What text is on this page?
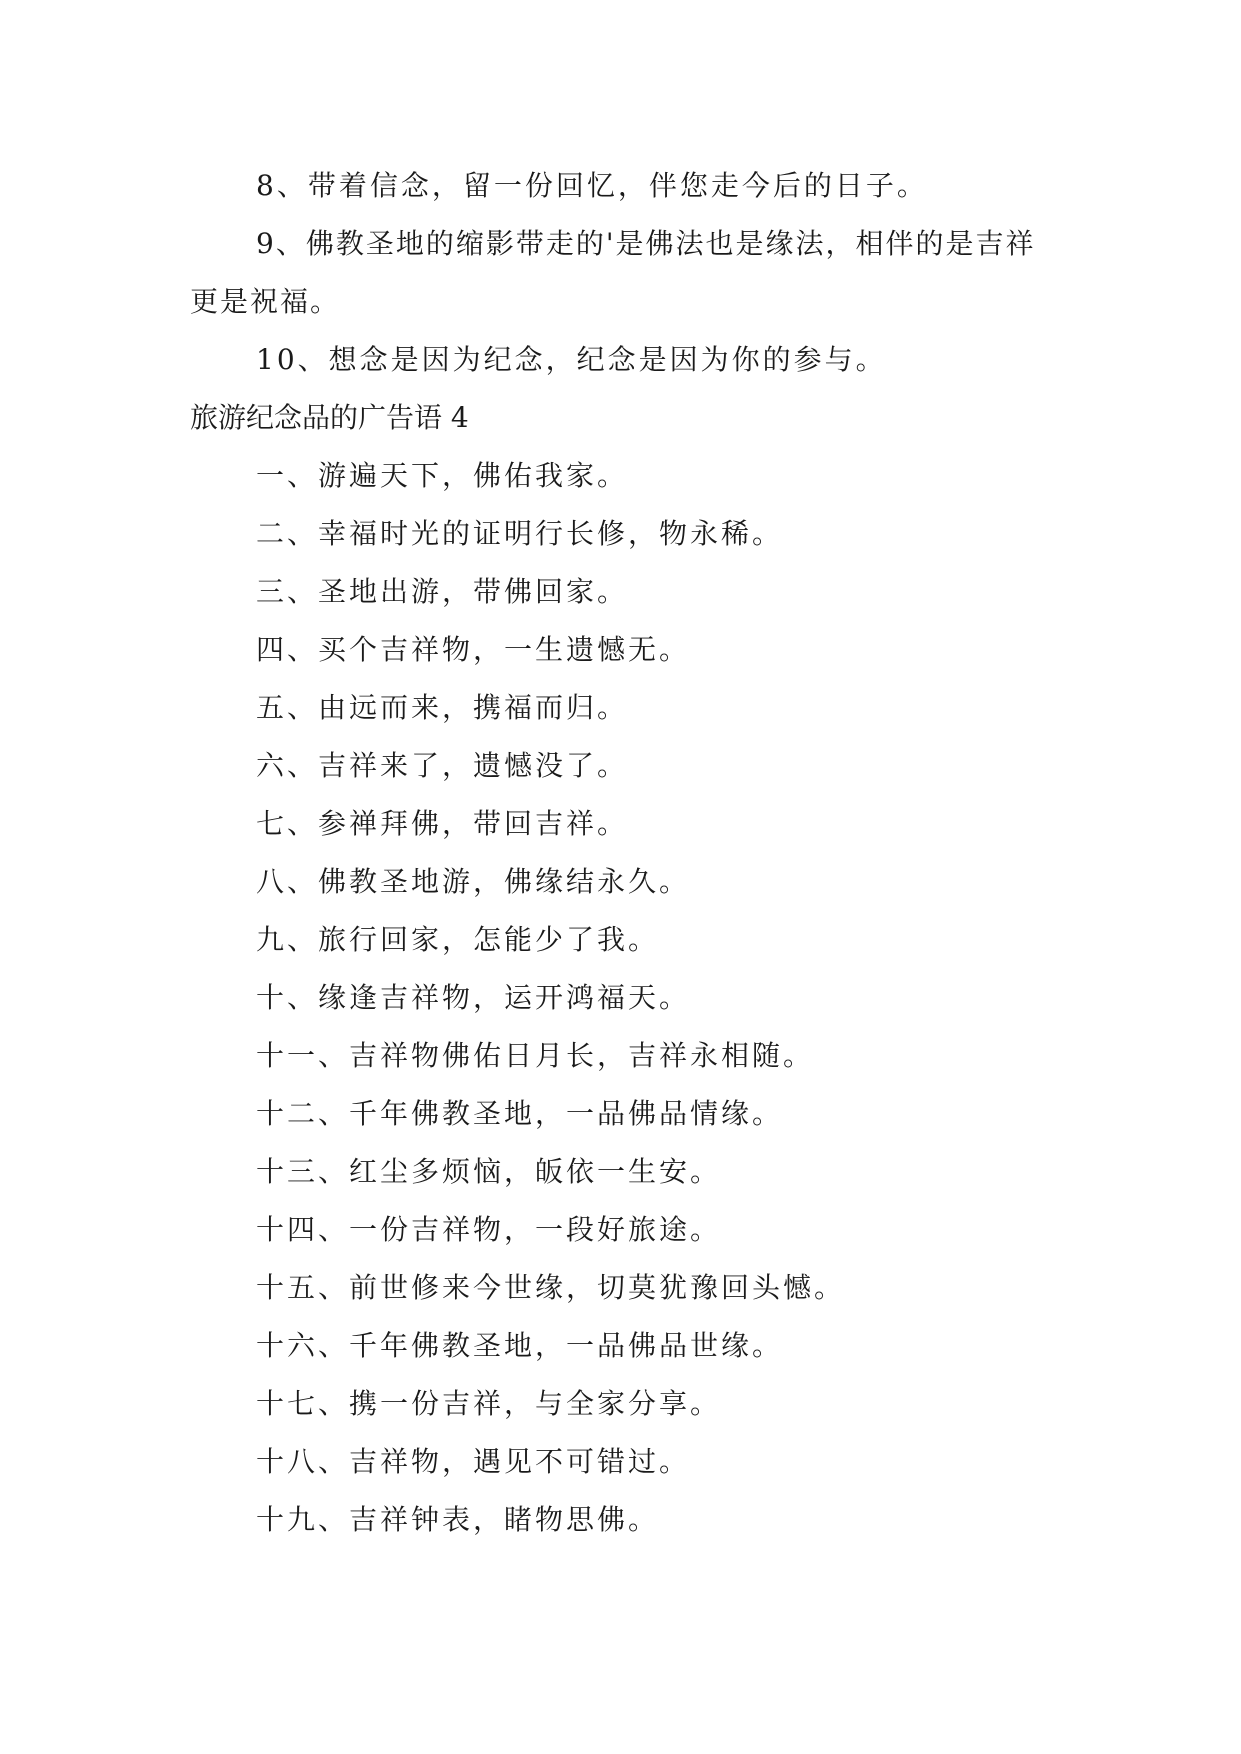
8、带着信念，留一份回忆，伴您走今后的日子。

9、佛教圣地的缩影带走的'是佛法也是缘法，相伴的是吉祥更是祝福。

10、想念是因为纪念，纪念是因为你的参与。

旅游纪念品的广告语 4

一、游遍天下，佛佑我家。

二、幸福时光的证明行长修，物永稀。

三、圣地出游，带佛回家。

四、买个吉祥物，一生遗憾无。

五、由远而来，携福而归。

六、吉祥来了，遗憾没了。

七、参禅拜佛，带回吉祥。

八、佛教圣地游，佛缘结永久。

九、旅行回家，怎能少了我。

十、缘逢吉祥物，运开鸿福天。

十一、吉祥物佛佑日月长，吉祥永相随。

十二、千年佛教圣地，一品佛品情缘。

十三、红尘多烦恼，皈依一生安。

十四、一份吉祥物，一段好旅途。

十五、前世修来今世缘，切莫犹豫回头憾。

十六、千年佛教圣地，一品佛品世缘。

十七、携一份吉祥，与全家分享。

十八、吉祥物，遇见不可错过。

十九、吉祥钟表，睹物思佛。
